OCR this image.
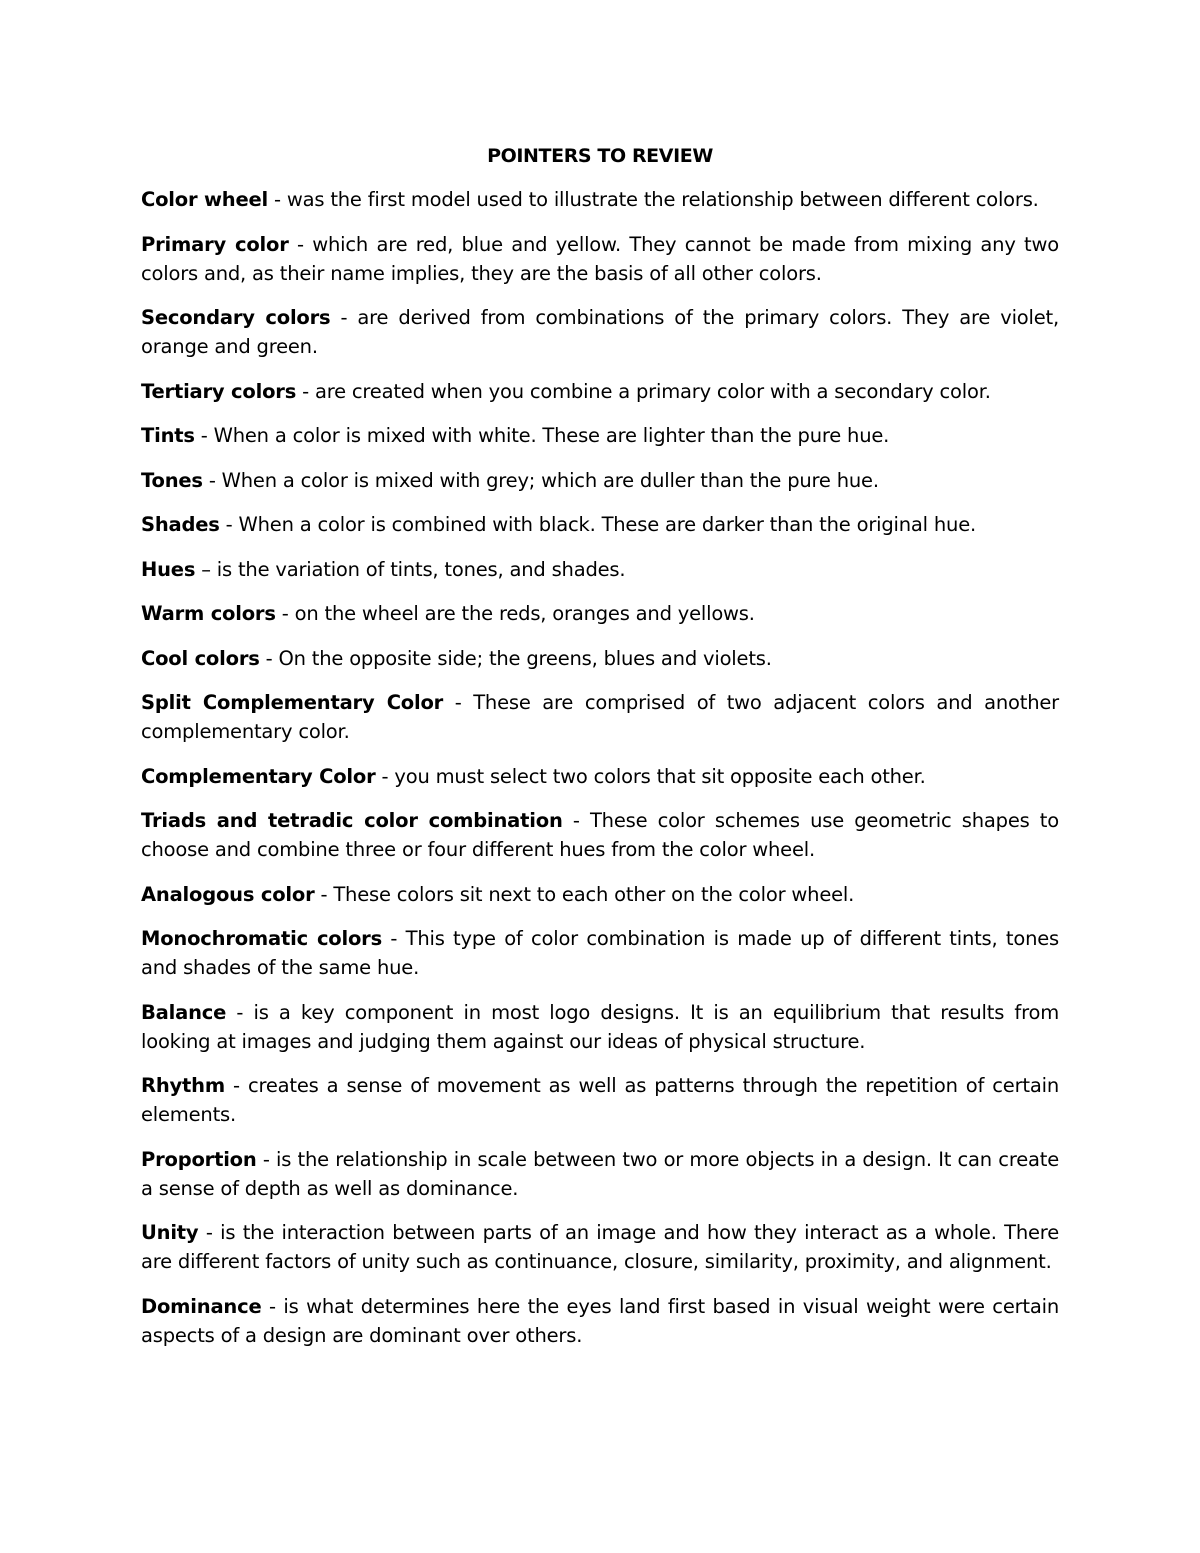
POINTERS TO REVIEW

Color wheel - was the first model used to illustrate the relationship between different colors.

Primary color - which are red, blue and yellow. They cannot be made from mixing any two colors and, as their name implies, they are the basis of all other colors.

Secondary colors - are derived from combinations of the primary colors. They are violet, orange and green.

Tertiary colors - are created when you combine a primary color with a secondary color.

Tints - When a color is mixed with white. These are lighter than the pure hue.

Tones - When a color is mixed with grey; which are duller than the pure hue.

Shades - When a color is combined with black. These are darker than the original hue.

Hues – is the variation of tints, tones, and shades.

Warm colors - on the wheel are the reds, oranges and yellows.

Cool colors - On the opposite side; the greens, blues and violets.

Split Complementary Color - These are comprised of two adjacent colors and another complementary color.

Complementary Color - you must select two colors that sit opposite each other.

Triads and tetradic color combination - These color schemes use geometric shapes to choose and combine three or four different hues from the color wheel.

Analogous color - These colors sit next to each other on the color wheel.

Monochromatic colors - This type of color combination is made up of different tints, tones and shades of the same hue.

Balance - is a key component in most logo designs. It is an equilibrium that results from looking at images and judging them against our ideas of physical structure.

Rhythm - creates a sense of movement as well as patterns through the repetition of certain elements.

Proportion - is the relationship in scale between two or more objects in a design. It can create a sense of depth as well as dominance.

Unity - is the interaction between parts of an image and how they interact as a whole. There are different factors of unity such as continuance, closure, similarity, proximity, and alignment.

Dominance - is what determines here the eyes land first based in visual weight were certain aspects of a design are dominant over others.
